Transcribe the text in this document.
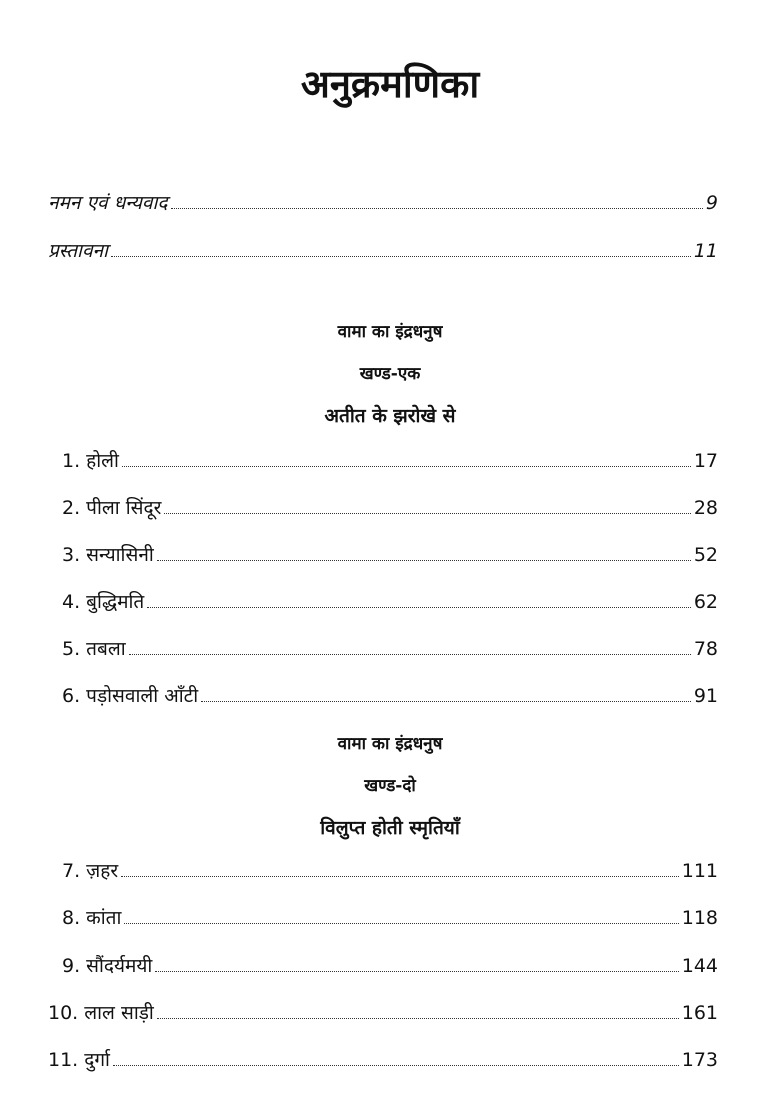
अनुक्रमणिका
नमन एवं धन्यवाद	9
प्रस्तावना	11
वामा का इंद्रधनुष
खण्ड-एक
अतीत के झरोखे से
1. होली	17
2. पीला सिंदूर	28
3. सन्यासिनी	52
4. बुद्धिमति	62
5. तबला	78
6. पड़ोसवाली आँटी	91
वामा का इंद्रधनुष
खण्ड-दो
विलुप्त होती स्मृतियाँ
7. ज़हर	111
8. कांता	118
9. सौंदर्यमयी	144
10. लाल साड़ी	161
11. दुर्गा	173
